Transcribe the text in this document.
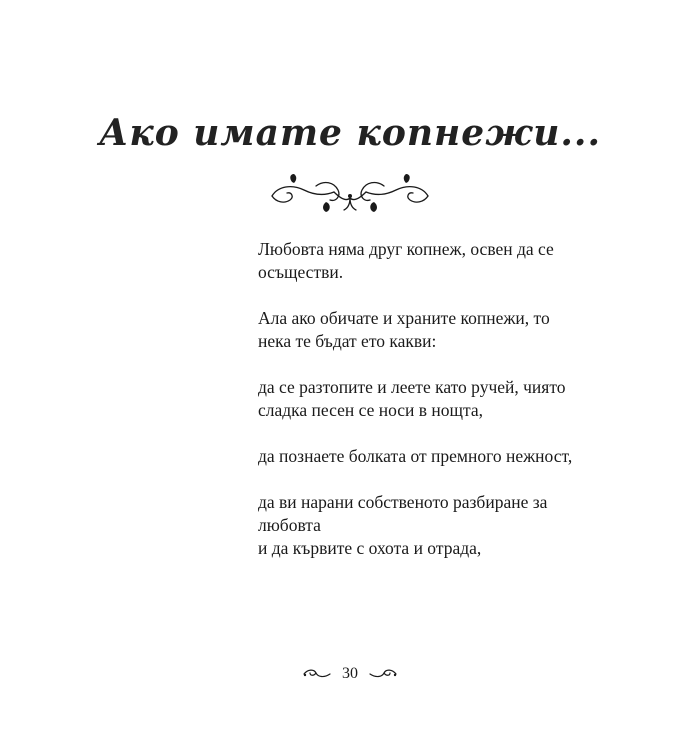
Ако имате копнежи...

Любовта няма друг копнеж, освен да се
осъществи.

Ала ако обичате и храните копнежи, то
нека те бъдат ето какви:

да се разтопите и леете като ручей, чиято
сладка песен се носи в нощта,

да познаете болката от премного нежност,

да ви нарани собственото разбиране за
любовта
и да кървите с охота и отрада,

30
